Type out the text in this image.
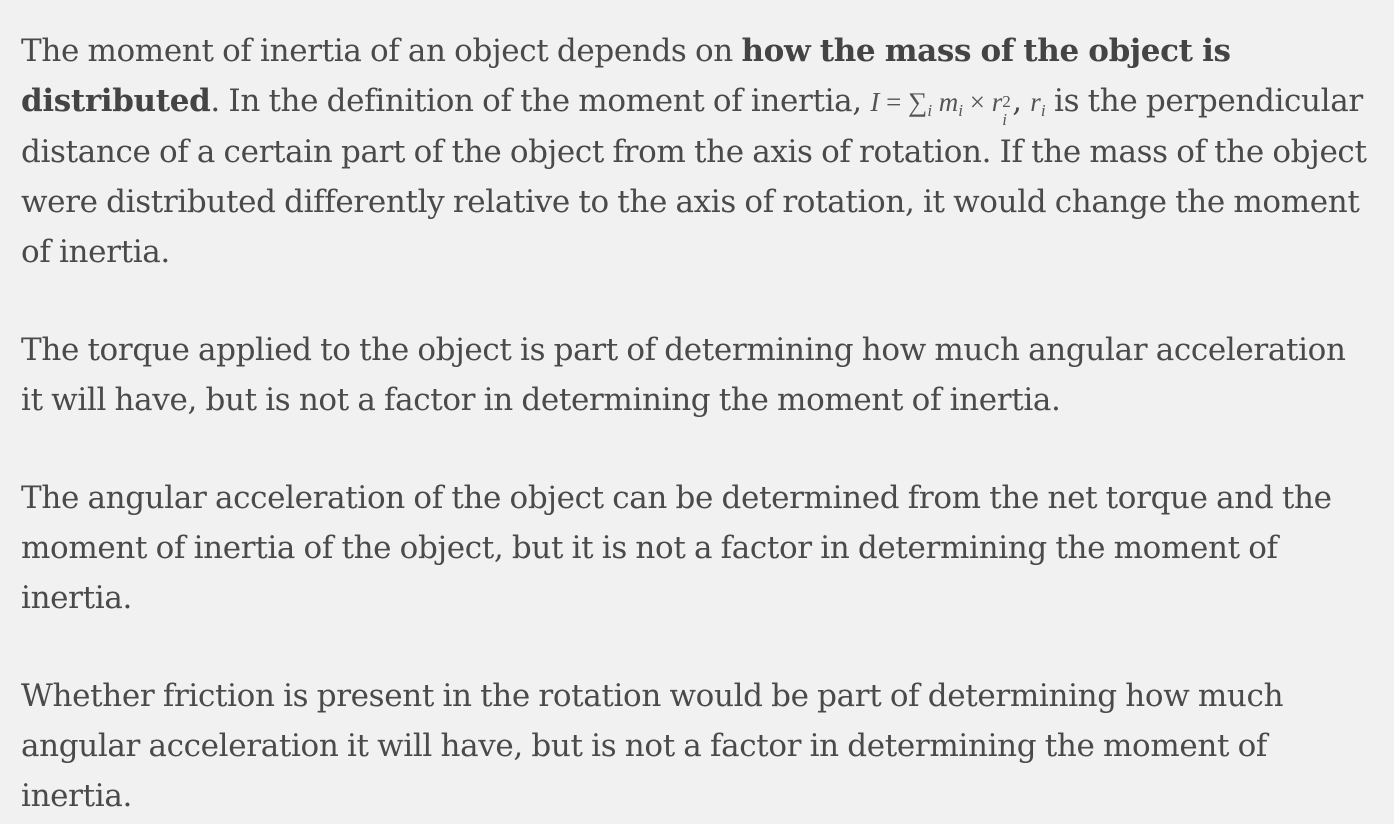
The moment of inertia of an object depends on how the mass of the object is distributed. In the definition of the moment of inertia, $I = \sum_i$ $m_i \times r$ 2
i
, $r_i$ is the perpendicular distance of a certain part of the object from the axis of rotation. If the mass of the object were distributed differently relative to the axis of rotation, it would change the moment of inertia.

The torque applied to the object is part of determining how much angular acceleration it will have, but is not a factor in determining the moment of inertia.

The angular acceleration of the object can be determined from the net torque and the moment of inertia of the object, but it is not a factor in determining the moment of inertia.

Whether friction is present in the rotation would be part of determining how much angular acceleration it will have, but is not a factor in determining the moment of inertia.
